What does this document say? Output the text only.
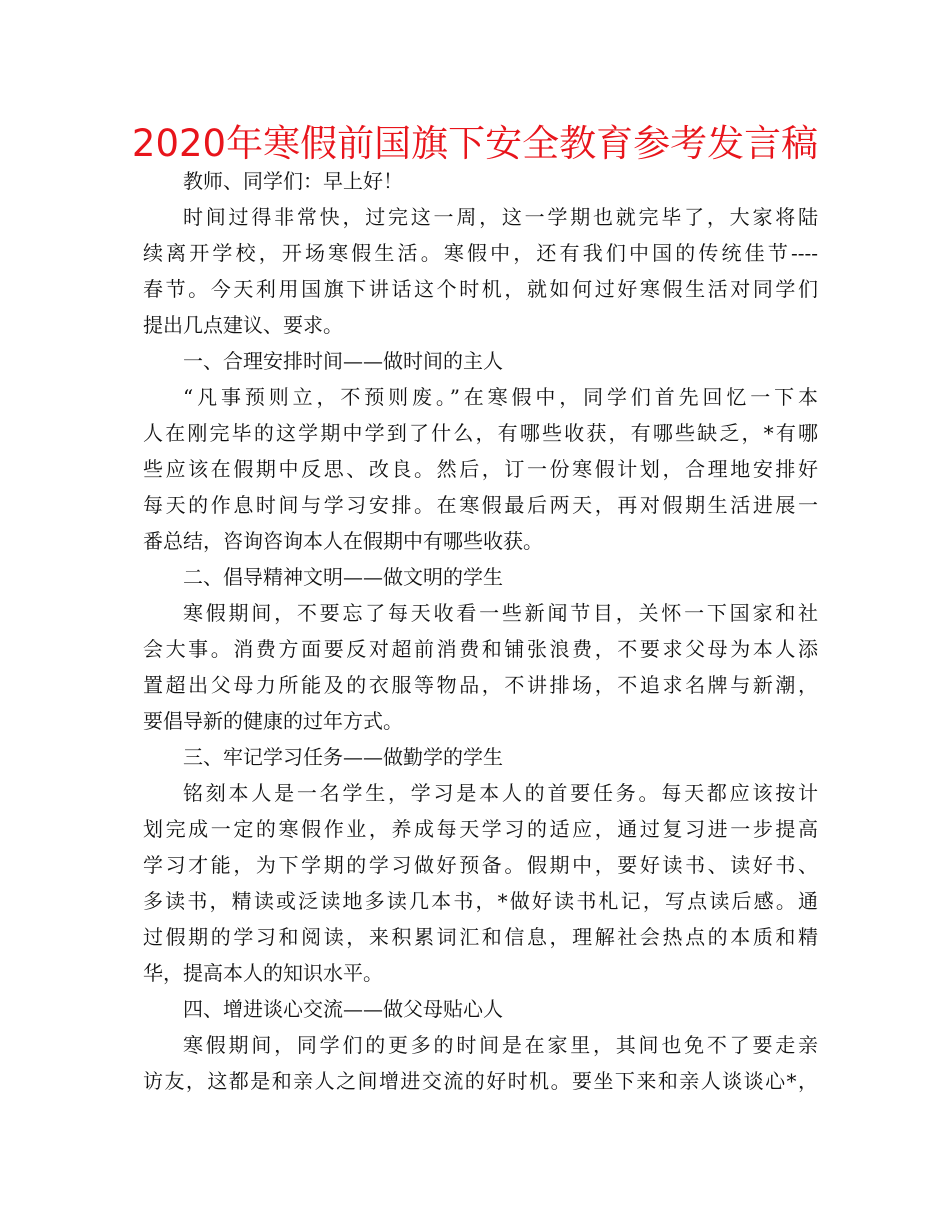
2020年寒假前国旗下安全教育参考发言稿
教师、同学们：早上好！
时间过得非常快，过完这一周，这一学期也就完毕了，大家将陆
续离开学校，开场寒假生活。寒假中，还有我们中国的传统佳节----
春节。今天利用国旗下讲话这个时机，就如何过好寒假生活对同学们
提出几点建议、要求。
一、合理安排时间——做时间的主人
“凡事预则立，不预则废。”在寒假中，同学们首先回忆一下本
人在刚完毕的这学期中学到了什么，有哪些收获，有哪些缺乏，*有哪
些应该在假期中反思、改良。然后，订一份寒假计划，合理地安排好
每天的作息时间与学习安排。在寒假最后两天，再对假期生活进展一
番总结，咨询咨询本人在假期中有哪些收获。
二、倡导精神文明——做文明的学生
寒假期间，不要忘了每天收看一些新闻节目，关怀一下国家和社
会大事。消费方面要反对超前消费和铺张浪费，不要求父母为本人添
置超出父母力所能及的衣服等物品，不讲排场，不追求名牌与新潮，
要倡导新的健康的过年方式。
三、牢记学习任务——做勤学的学生
铭刻本人是一名学生，学习是本人的首要任务。每天都应该按计
划完成一定的寒假作业，养成每天学习的适应，通过复习进一步提高
学习才能，为下学期的学习做好预备。假期中，要好读书、读好书、
多读书，精读或泛读地多读几本书，*做好读书札记，写点读后感。通
过假期的学习和阅读，来积累词汇和信息，理解社会热点的本质和精
华，提高本人的知识水平。
四、增进谈心交流——做父母贴心人
寒假期间，同学们的更多的时间是在家里，其间也免不了要走亲
访友，这都是和亲人之间增进交流的好时机。要坐下来和亲人谈谈心*，
